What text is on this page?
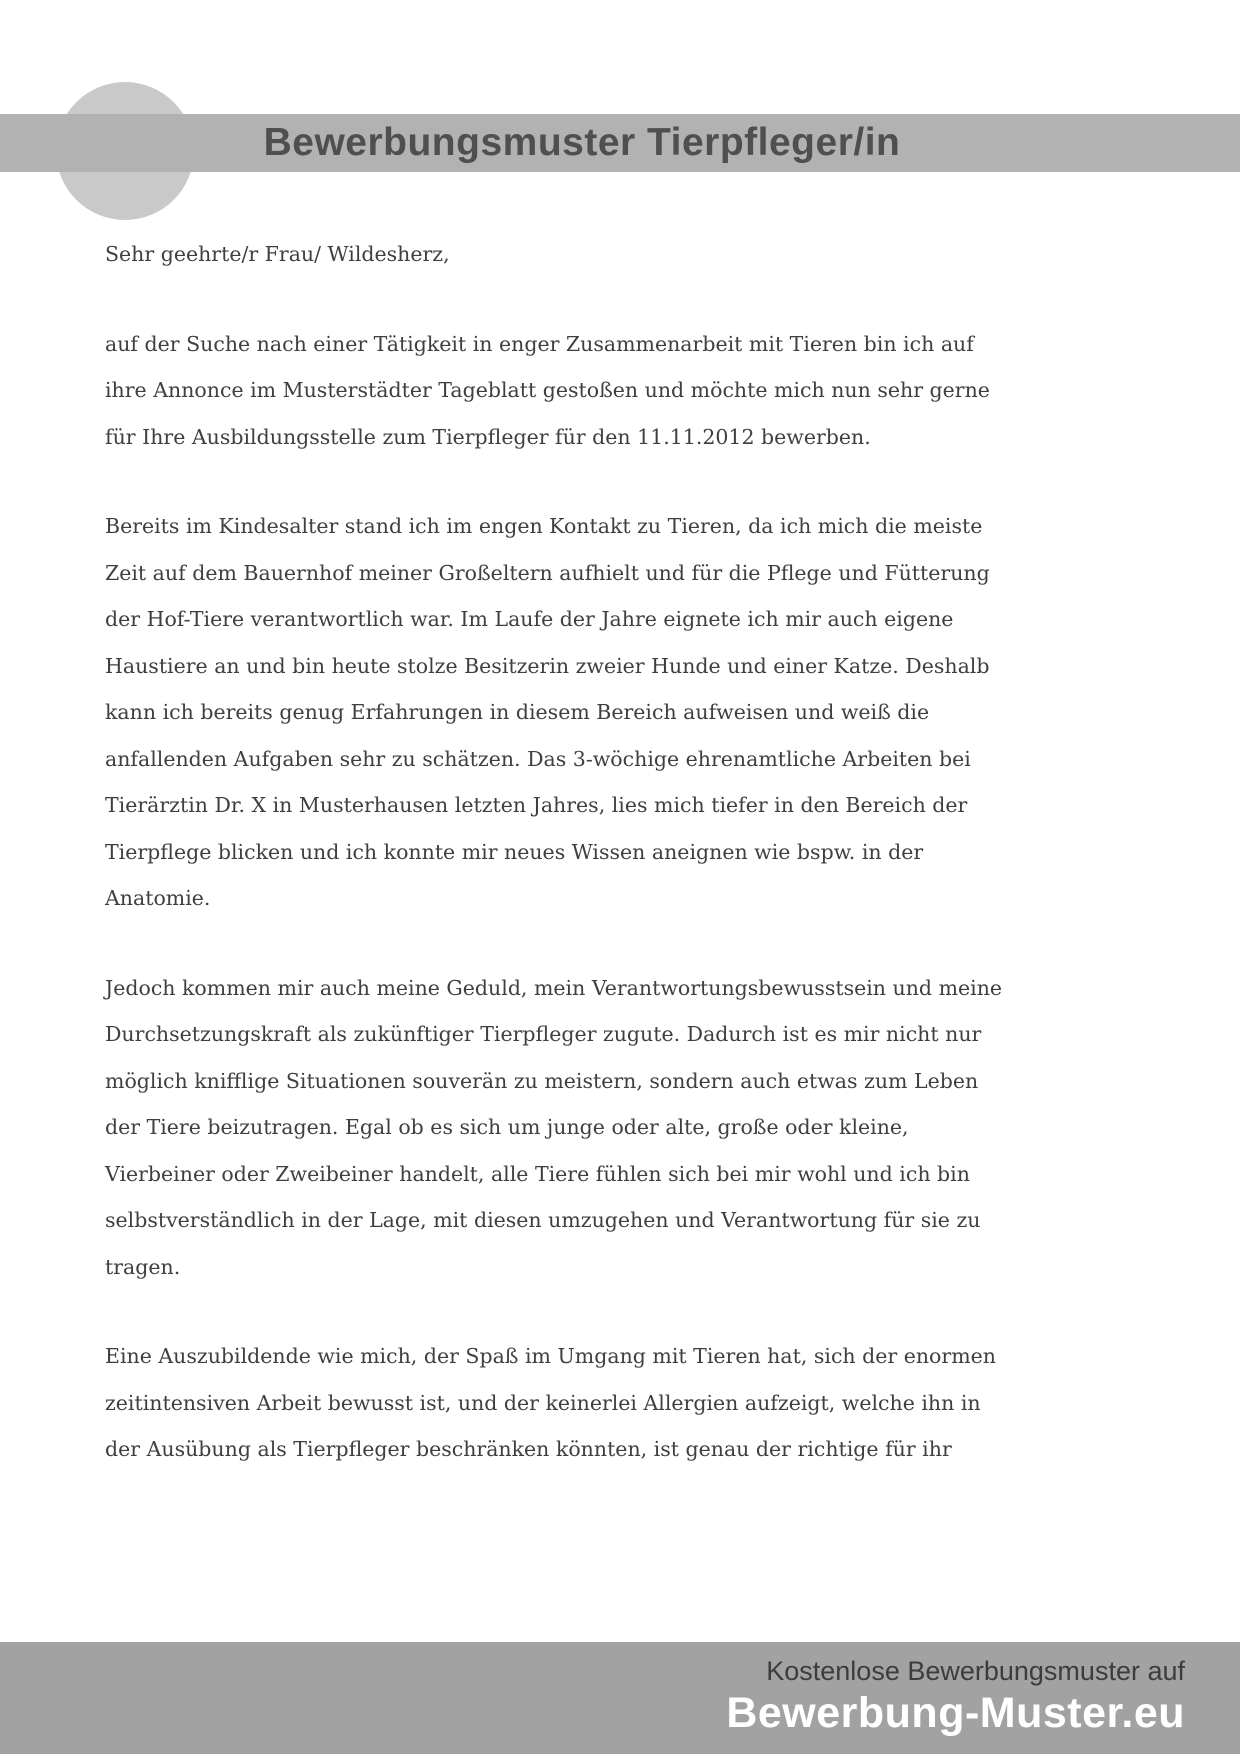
Bewerbungsmuster Tierpfleger/in

Sehr geehrte/r Frau/ Wildesherz,

auf der Suche nach einer Tätigkeit in enger Zusammenarbeit mit Tieren bin ich auf ihre Annonce im Musterstädter Tageblatt gestoßen und möchte mich nun sehr gerne für Ihre Ausbildungsstelle zum Tierpfleger für den 11.11.2012 bewerben.

Bereits im Kindesalter stand ich im engen Kontakt zu Tieren, da ich mich die meiste Zeit auf dem Bauernhof meiner Großeltern aufhielt und für die Pflege und Fütterung der Hof-Tiere verantwortlich war. Im Laufe der Jahre eignete ich mir auch eigene Haustiere an und bin heute stolze Besitzerin zweier Hunde und einer Katze. Deshalb kann ich bereits genug Erfahrungen in diesem Bereich aufweisen und weiß die anfallenden Aufgaben sehr zu schätzen. Das 3-wöchige ehrenamtliche Arbeiten bei Tierärztin Dr. X in Musterhausen letzten Jahres, lies mich tiefer in den Bereich der Tierpflege blicken und ich konnte mir neues Wissen aneignen wie bspw. in der Anatomie.

Jedoch kommen mir auch meine Geduld, mein Verantwortungsbewusstsein und meine Durchsetzungskraft als zukünftiger Tierpfleger zugute. Dadurch ist es mir nicht nur möglich knifflige Situationen souverän zu meistern, sondern auch etwas zum Leben der Tiere beizutragen. Egal ob es sich um junge oder alte, große oder kleine, Vierbeiner oder Zweibeiner handelt, alle Tiere fühlen sich bei mir wohl und ich bin selbstverständlich in der Lage, mit diesen umzugehen und Verantwortung für sie zu tragen.

Eine Auszubildende wie mich, der Spaß im Umgang mit Tieren hat, sich der enormen zeitintensiven Arbeit bewusst ist, und der keinerlei Allergien aufzeigt, welche ihn in der Ausübung als Tierpfleger beschränken könnten, ist genau der richtige für ihr

Kostenlose Bewerbungsmuster auf
Bewerbung-Muster.eu
